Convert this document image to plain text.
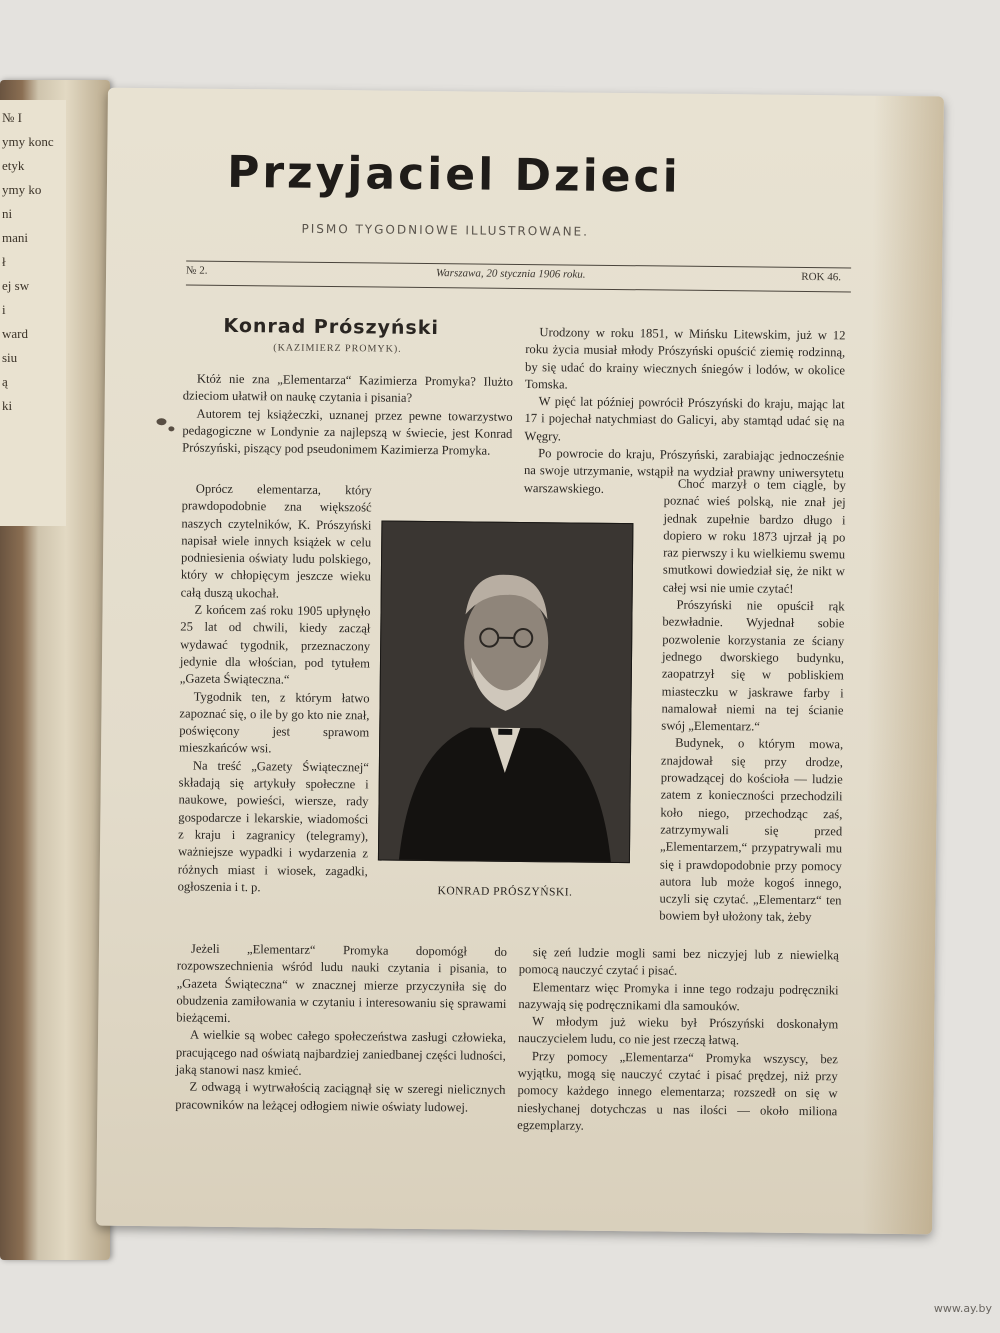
№ I
ymy konc
etyk
ymy ko
ni
mani
ł
ej sw
i
ward
siu
ą
ki
Przyjaciel Dzieci
PISMO TYGODNIOWE ILLUSTROWANE.
№ 2.	Warszawa, 20 stycznia 1906 roku.	ROK 46.
Konrad Prószyński
(KAZIMIERZ PROMYK).

Któż nie zna „Elementarza“ Kazimierza Promyka? Ilużto dzieciom ułatwił on naukę czytania i pisania?

Autorem tej książeczki, uznanej przez pewne towarzystwo pedagogiczne w Londynie za najlepszą w świecie, jest Konrad Prószyński, piszący pod pseudonimem Kazimierza Promyka.

Oprócz elementarza, który prawdopodobnie zna większość naszych czytelników, K. Prószyński napisał wiele innych książek w celu podniesienia oświaty ludu polskiego, który w chłopięcym jeszcze wieku całą duszą ukochał.

Z końcem zaś roku 1905 upłynęło 25 lat od chwili, kiedy zaczął wydawać tygodnik, przeznaczony jedynie dla włościan, pod tytułem „Gazeta Świąteczna.“

Tygodnik ten, z którym łatwo zapoznać się, o ile by go kto nie znał, poświęcony jest sprawom mieszkańców wsi.

Na treść „Gazety Świątecznej“ składają się artykuły społeczne i naukowe, powieści, wiersze, rady gospodarcze i lekarskie, wiadomości z kraju i zagranicy (telegramy), ważniejsze wypadki i wydarzenia z różnych miast i wiosek, zagadki, ogłoszenia i t. p.

Jeżeli „Elementarz“ Promyka dopomógł do rozpowszechnienia wśród ludu nauki czytania i pisania, to „Gazeta Świąteczna“ w znacznej mierze przyczyniła się do obudzenia zamiłowania w czytaniu i interesowaniu się sprawami bieżącemi.

A wielkie są wobec całego społeczeństwa zasługi człowieka, pracującego nad oświatą najbardziej zaniedbanej części ludności, jaką stanowi nasz kmieć.

Z odwagą i wytrwałością zaciągnął się w szeregi nielicznych pracowników na leżącej odłogiem niwie oświaty ludowej.

Urodzony w roku 1851, w Mińsku Litewskim, już w 12 roku życia musiał młody Prószyński opuścić ziemię rodzinną, by się udać do krainy wiecznych śniegów i lodów, w okolice Tomska.

W pięć lat później powrócił Prószyński do kraju, mając lat 17 i pojechał natychmiast do Galicyi, aby stamtąd udać się na Węgry.

Po powrocie do kraju, Prószyński, zarabiając jednocześnie na swoje utrzymanie, wstąpił na wydział prawny uniwersytetu warszawskiego.	Choć marzył o tem ciągle, by poznać wieś polską, nie znał jej jednak zupełnie bardzo długo i dopiero w roku 1873 ujrzał ją po raz pierwszy i ku wielkiemu swemu smutkowi dowiedział się, że nikt w całej wsi nie umie czytać!

Prószyński nie opuścił rąk bezwładnie. Wyjednał sobie pozwolenie korzystania ze ściany jednego dworskiego budynku, zaopatrzył się w pobliskiem miasteczku w jaskrawe farby i namalował niemi na tej ścianie swój „Elementarz.“

Budynek, o którym mowa, znajdował się przy drodze, prowadzącej do kościoła — ludzie zatem z konieczności przechodzili koło niego, przechodząc zaś, zatrzymywali się przed „Elementarzem,“ przypatrywali mu się i prawdopodobnie przy pomocy autora lub może kogoś innego, uczyli się czytać. „Elementarz“ ten bowiem był ułożony tak, żeby

się zeń ludzie mogli sami bez niczyjej lub z niewielką pomocą nauczyć czytać i pisać.

Elementarz więc Promyka i inne tego rodzaju podręczniki nazywają się podręcznikami dla samouków.

W młodym już wieku był Prószyński doskonałym nauczycielem ludu, co nie jest rzeczą łatwą.

Przy pomocy „Elementarza“ Promyka wszyscy, bez wyjątku, mogą się nauczyć czytać i pisać prędzej, niż przy pomocy każdego innego elementarza; rozszedł on się w niesłychanej dotychczas u nas ilości — około miliona egzemplarzy.

KONRAD PRÓSZYŃSKI.
www.ay.by
